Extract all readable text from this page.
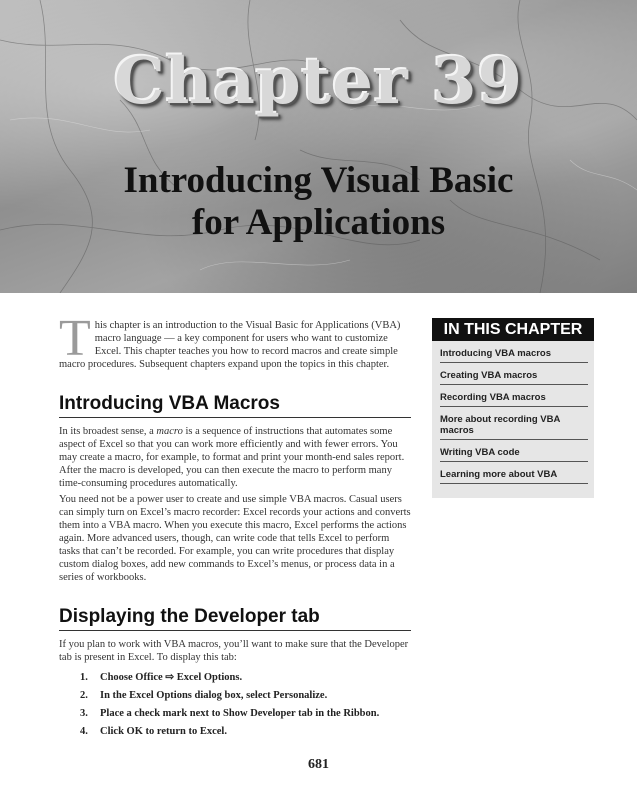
Chapter 39
Introducing Visual Basic
for Applications
T his chapter is an introduction to the Visual Basic for Applications (VBA) macro language — a key component for users who want to customize Excel. This chapter teaches you how to record macros and create simple macro procedures. Subsequent chapters expand upon the topics in this chapter.
IN THIS CHAPTER
Introducing VBA macros
Creating VBA macros
Recording VBA macros
More about recording VBA macros
Writing VBA code
Learning more about VBA
Introducing VBA Macros

In its broadest sense, a macro is a sequence of instructions that automates some aspect of Excel so that you can work more efficiently and with fewer errors. You may create a macro, for example, to format and print your month-end sales report. After the macro is developed, you can then execute the macro to perform many time-consuming procedures automatically.

You need not be a power user to create and use simple VBA macros. Casual users can simply turn on Excel’s macro recorder: Excel records your actions and converts them into a VBA macro. When you execute this macro, Excel performs the actions again. More advanced users, though, can write code that tells Excel to perform tasks that can’t be recorded. For example, you can write procedures that display custom dialog boxes, add new commands to Excel’s menus, or process data in a series of workbooks.

Displaying the Developer tab

If you plan to work with VBA macros, you’ll want to make sure that the Developer tab is present in Excel. To display this tab:

1. Choose Office ⇨ Excel Options.
2. In the Excel Options dialog box, select Personalize.
3. Place a check mark next to Show Developer tab in the Ribbon.
4. Click OK to return to Excel.
681
